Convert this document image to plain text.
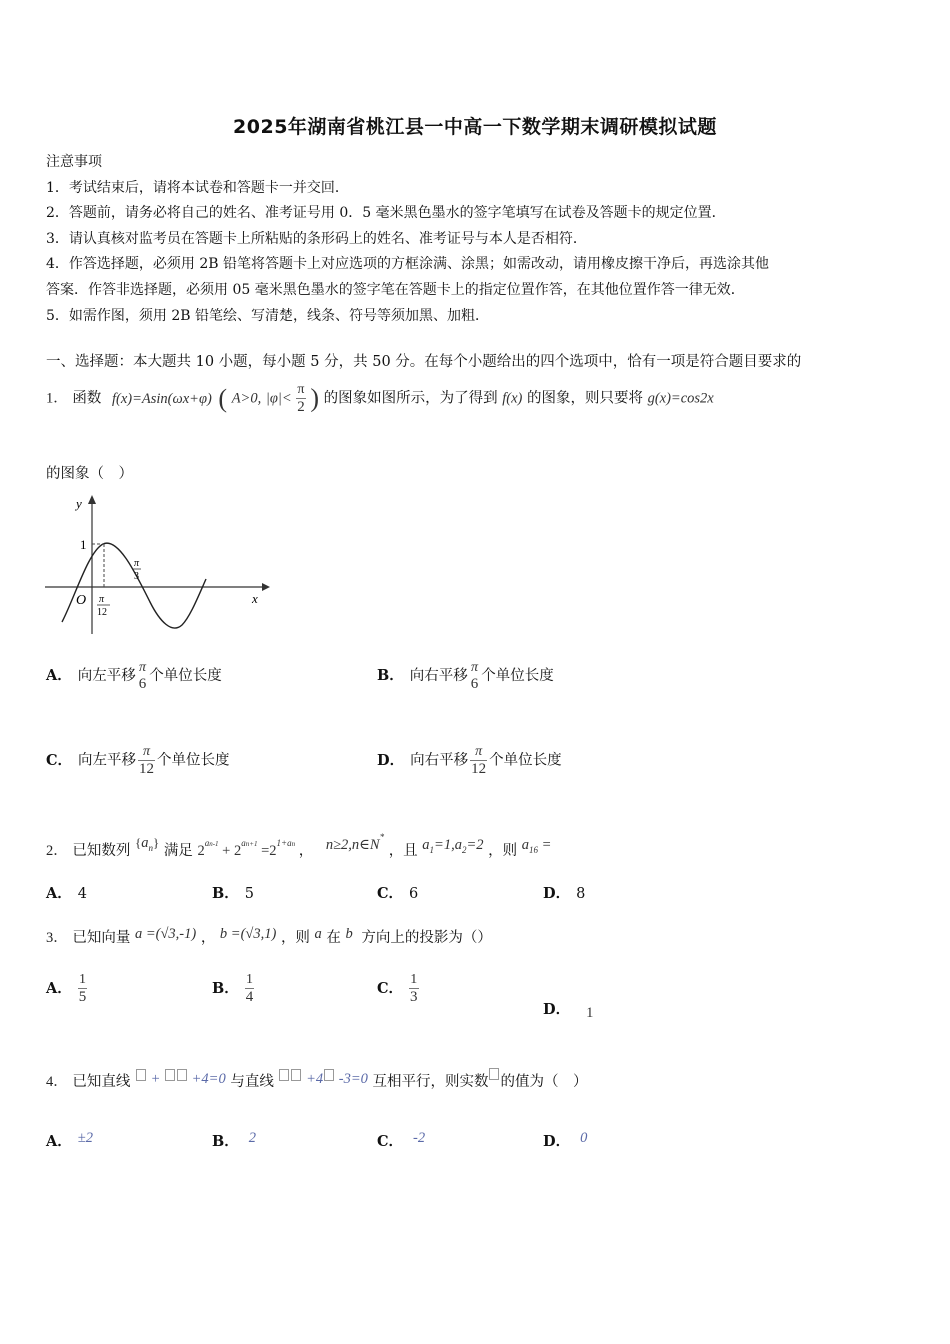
2025年湖南省桃江县一中高一下数学期末调研模拟试题
注意事项
1．考试结束后，请将本试卷和答题卡一并交回．
2．答题前，请务必将自己的姓名、准考证号用 0．5 毫米黑色墨水的签字笔填写在试卷及答题卡的规定位置．
3．请认真核对监考员在答题卡上所粘贴的条形码上的姓名、准考证号与本人是否相符．
4．作答选择题，必须用 2B 铅笔将答题卡上对应选项的方框涂满、涂黑；如需改动，请用橡皮擦干净后，再选涂其他
答案．作答非选择题，必须用 05 毫米黑色墨水的签字笔在答题卡上的指定位置作答，在其他位置作答一律无效．
5．如需作图，须用 2B 铅笔绘、写清楚，线条、符号等须加黑、加粗．
一、选择题：本大题共 10 小题，每小题 5 分，共 50 分。在每个小题给出的四个选项中，恰有一项是符合题目要求的
1． 函数 f(x)=Asin(ωx+φ) ( A>0, $|\varphi|< \frac{\pi}{2}$ ) 的图象如图所示，为了得到 f(x) 的图象，则只要将 g(x)=cos2x
的图象（　）
y
x
O
1
π
12
π
3
A． 向左平移
π
6 个单位长度	B． 向右平移
π
6 个单位长度
C． 向左平移 $\frac{\pi}{12}$ 个单位长度	D． 向右平移 $\frac{\pi}{12}$ 个单位长度
2． 已知数列 $\{a^n\}$ 满足 $2^{an-1} + 2^{an+1} =2^{1+an}$ ， n≥2,n∈N* ，且 $a_1=1,a_2=2$ ，则 $a_{16}$ =
A． 4	B． 5	C． 6	D． 8
3． 已知向量 a =(√3,-1) ， b =(√3,1) ，则 a 在 b 方向上的投影为（）
A． $\frac{1}{5}$	B． $\frac{1}{4}$	C． $\frac{1}{3}$
D． 1
4． 已知直线 + +4=0 与直线 +4 -3=0 互相平行，则实数 的值为（　）
A． ±2	B． 2	C． -2	D． 0
